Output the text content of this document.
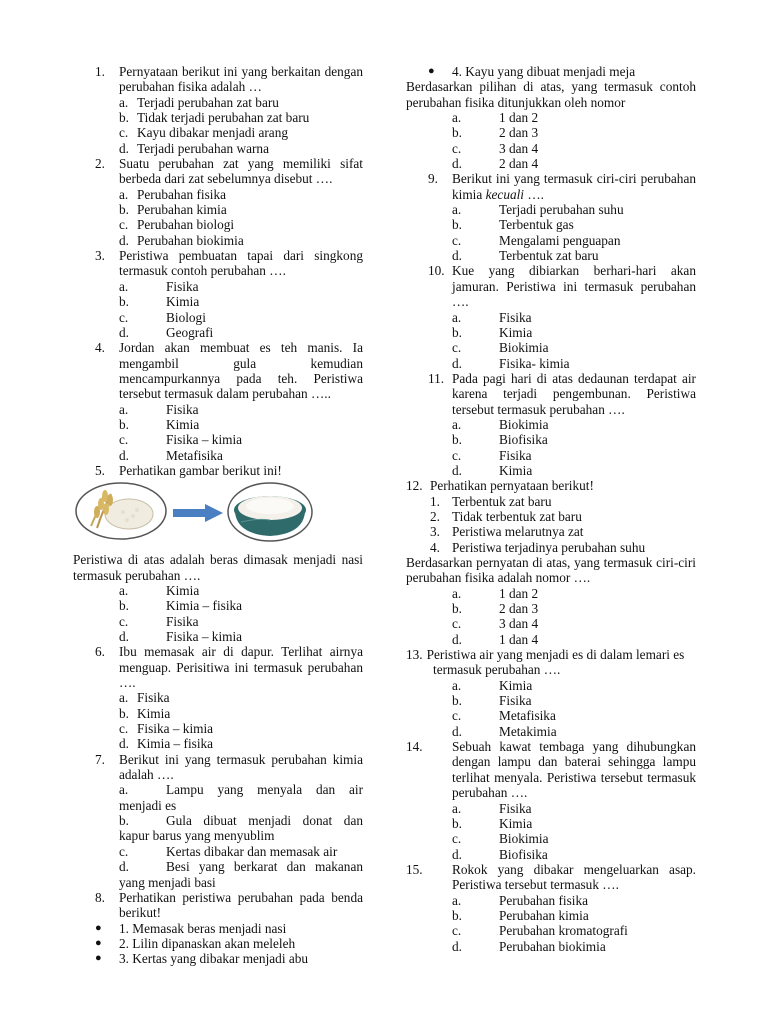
1. Pernyataan berikut ini yang berkaitan dengan perubahan fisika adalah …
a. Terjadi perubahan zat baru
b. Tidak terjadi perubahan zat baru
c. Kayu dibakar menjadi arang
d. Terjadi perubahan warna
2. Suatu perubahan zat yang memiliki sifat berbeda dari zat sebelumnya disebut ….
a. Perubahan fisika
b. Perubahan kimia
c. Perubahan biologi
d. Perubahan biokimia
3. Peristiwa pembuatan tapai dari singkong termasuk contoh perubahan ….
a.	Fisika
b.	Kimia
c.	Biologi
d.	Geografi
4. Jordan akan membuat es teh manis. Ia mengambil gula kemudian mencampurkannya pada teh. Peristiwa tersebut termasuk dalam perubahan …..
a.	Fisika
b.	Kimia
c.	Fisika – kimia
d.	Metafisika
5. Perhatikan gambar berikut ini!
Peristiwa di atas adalah beras dimasak menjadi nasi termasuk perubahan ….
a.	Kimia
b.	Kimia – fisika
c.	Fisika
d.	Fisika – kimia
6. Ibu memasak air di dapur. Terlihat airnya menguap. Perisitiwa ini termasuk perubahan ….
a. Fisika
b. Kimia
c. Fisika – kimia
d. Kimia – fisika
7. Berikut ini yang termasuk perubahan kimia adalah ….
a.	Lampu yang menyala dan air menjadi es
b.	Gula dibuat menjadi donat dan kapur barus yang menyublim
c.	Kertas dibakar dan memasak air
d.	Besi yang berkarat dan makanan yang menjadi basi
8. Perhatikan peristiwa perubahan pada benda berikut!
● 1. Memasak beras menjadi nasi
● 2. Lilin dipanaskan akan meleleh
● 3. Kertas yang dibakar menjadi abu
● 4. Kayu yang dibuat menjadi meja
Berdasarkan pilihan di atas, yang termasuk contoh perubahan fisika ditunjukkan oleh nomor
a.	1 dan 2
b.	2 dan 3
c.	3 dan 4
d.	2 dan 4
9. Berikut ini yang termasuk ciri-ciri perubahan kimia kecuali ….
a.	Terjadi perubahan suhu
b.	Terbentuk gas
c.	Mengalami penguapan
d.	Terbentuk zat baru
10. Kue yang dibiarkan berhari-hari akan jamuran. Peristiwa ini termasuk perubahan ….
a.	Fisika
b.	Kimia
c.	Biokimia
d.	Fisika- kimia
11. Pada pagi hari di atas dedaunan terdapat air karena terjadi pengembunan. Peristiwa tersebut termasuk perubahan ….
a.	Biokimia
b.	Biofisika
c.	Fisika
d.	Kimia
12. Perhatikan pernyataan berikut!
1. Terbentuk zat baru
2. Tidak terbentuk zat baru
3. Peristiwa melarutnya zat
4. Peristiwa terjadinya perubahan suhu
Berdasarkan pernyatan di atas, yang termasuk ciri-ciri perubahan fisika adalah nomor ….
a.	1 dan 2
b.	2 dan 3
c.	3 dan 4
d.	1 dan 4
13. Peristiwa air yang menjadi es di dalam lemari es
termasuk perubahan ….
a.	Kimia
b.	Fisika
c.	Metafisika
d.	Metakimia
14. Sebuah kawat tembaga yang dihubungkan dengan lampu dan baterai sehingga lampu terlihat menyala. Peristiwa tersebut termasuk perubahan ….
a.	Fisika
b.	Kimia
c.	Biokimia
d.	Biofisika
15. Rokok yang dibakar mengeluarkan asap. Peristiwa tersebut termasuk ….
a.	Perubahan fisika
b.	Perubahan kimia
c.	Perubahan kromatografi
d.	Perubahan biokimia
